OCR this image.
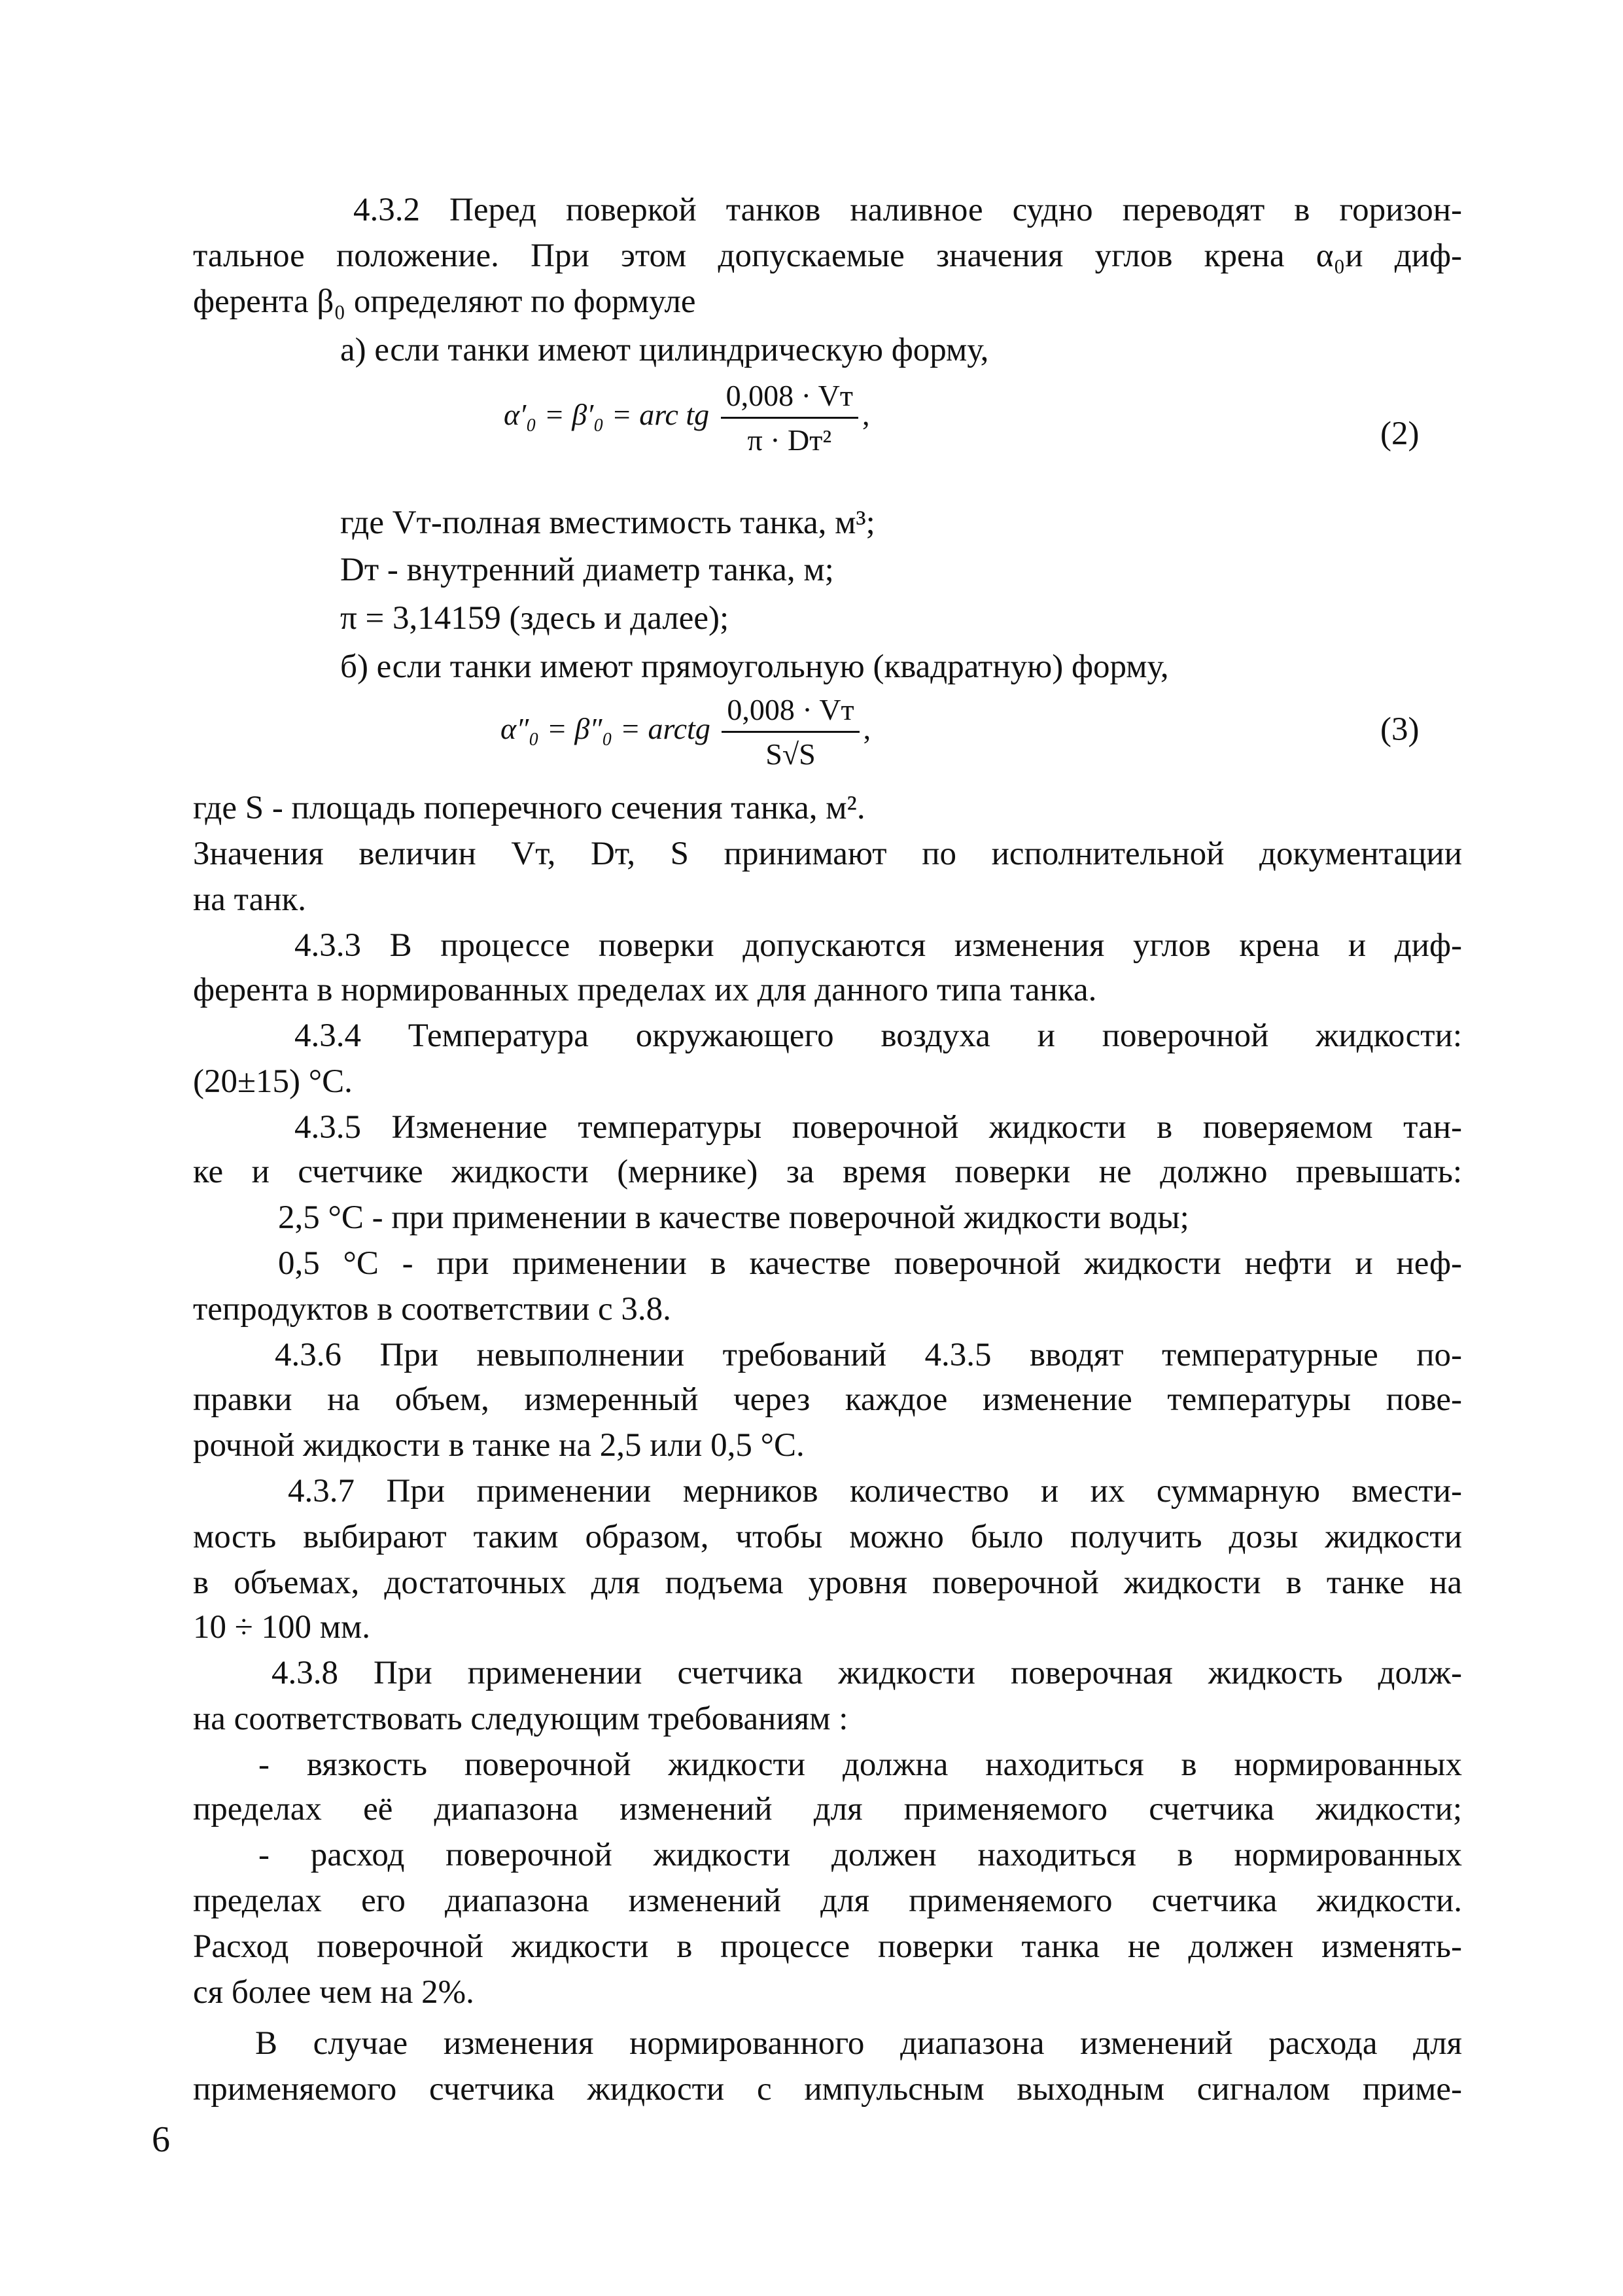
4.3.2 Перед поверкой танков наливное судно переводят в горизон-
тальное положение. При этом допускаемые значения углов крена α₀и диф-
ферента β₀ определяют по формуле
а) если танки имеют цилиндрическую форму,
α′₀ = β′₀ = arc tg $\frac{0,008 \cdot Vт}{\text{π · Dт²}}$ ,
(2)
где Vт-полная вместимость танка, м³;
Dт - внутренний диаметр танка, м;
π = 3,14159 (здесь и далее);
б) если танки имеют прямоугольную (квадратную) форму,
α″₀ = β″₀ = arctg $\frac{0,008 \cdot Vт}{S√S}$ ,	(3)
где S - площадь поперечного сечения танка, м².
Значения величин Vт, Dт, S принимают по исполнительной документации
на танк.
4.3.3 В процессе поверки допускаются изменения углов крена и диф-
ферента в нормированных пределах их для данного типа танка.
4.3.4 Температура окружающего воздуха и поверочной жидкости:
(20±15) °С.
4.3.5 Изменение температуры поверочной жидкости в поверяемом тан-
ке и счетчике жидкости (мернике) за время поверки не должно превышать:
2,5 °С - при применении в качестве поверочной жидкости воды;
0,5 °С - при применении в качестве поверочной жидкости нефти и неф-
тепродуктов в соответствии с 3.8.
4.3.6 При невыполнении требований 4.3.5 вводят температурные по-
правки на объем, измеренный через каждое изменение температуры пове-
рочной жидкости в танке на 2,5 или 0,5 °С.
4.3.7 При применении мерников количество и их суммарную вмести-
мость выбирают таким образом, чтобы можно было получить дозы жидкости
в объемах, достаточных для подъема уровня поверочной жидкости в танке на
10 ÷ 100 мм.
4.3.8 При применении счетчика жидкости поверочная жидкость долж-
на соответствовать следующим требованиям :
- вязкость поверочной жидкости должна находиться в нормированных
пределах её диапазона изменений для применяемого счетчика жидкости;
- расход поверочной жидкости должен находиться в нормированных
пределах его диапазона изменений для применяемого счетчика жидкости.
Расход поверочной жидкости в процессе поверки танка не должен изменять-
ся более чем на 2%.
В случае изменения нормированного диапазона изменений расхода для
применяемого счетчика жидкости с импульсным выходным сигналом приме-
6
